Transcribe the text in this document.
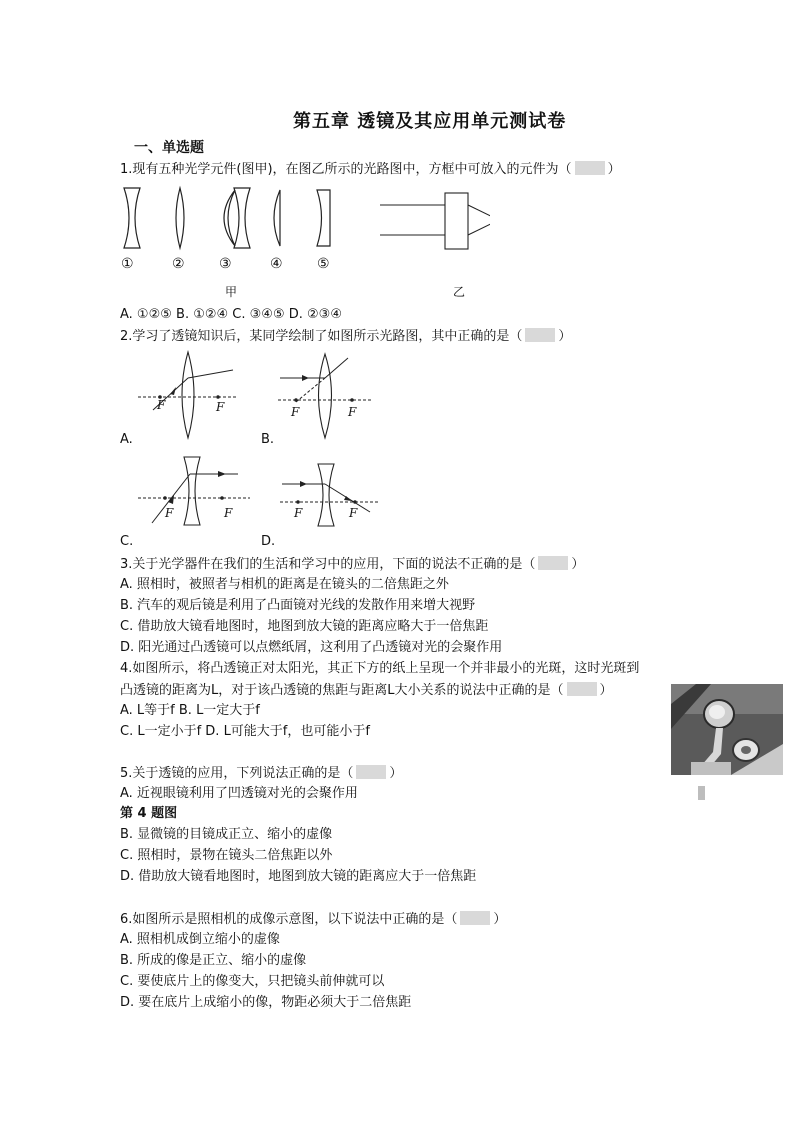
第五章 透镜及其应用单元测试卷
一、单选题
1.现有五种光学元件(图甲)，在图乙所示的光路图中，方框中可放入的元件为（	）
①	② ③	④ ⑤
甲	乙
A. ①②⑤ B. ①②④ C. ③④⑤ D. ②③④
2.学习了透镜知识后，某同学绘制了如图所示光路图，其中正确的是（	）
F	F
A.
F	F
B.
F	F
C.
F	F
D.
3.关于光学器件在我们的生活和学习中的应用，下面的说法不正确的是（	）
A. 照相时，被照者与相机的距离是在镜头的二倍焦距之外
B. 汽车的观后镜是利用了凸面镜对光线的发散作用来增大视野
C. 借助放大镜看地图时，地图到放大镜的距离应略大于一倍焦距
D. 阳光通过凸透镜可以点燃纸屑，这利用了凸透镜对光的会聚作用
4.如图所示，将凸透镜正对太阳光，其正下方的纸上呈现一个并非最小的光斑，这时光斑到
凸透镜的距离为L，对于该凸透镜的焦距与距离L大小关系的说法中正确的是（	）
A. L等于f B. L一定大于f
C. L一定小于f D. L可能大于f，也可能小于f
5.关于透镜的应用，下列说法正确的是（	）
A. 近视眼镜利用了凹透镜对光的会聚作用
第 4 题图
B. 显微镜的目镜成正立、缩小的虚像
C. 照相时，景物在镜头二倍焦距以外
D. 借助放大镜看地图时，地图到放大镜的距离应大于一倍焦距
6.如图所示是照相机的成像示意图，以下说法中正确的是（	）
A. 照相机成倒立缩小的虚像
B. 所成的像是正立、缩小的虚像
C. 要使底片上的像变大，只把镜头前伸就可以
D. 要在底片上成缩小的像，物距必须大于二倍焦距
